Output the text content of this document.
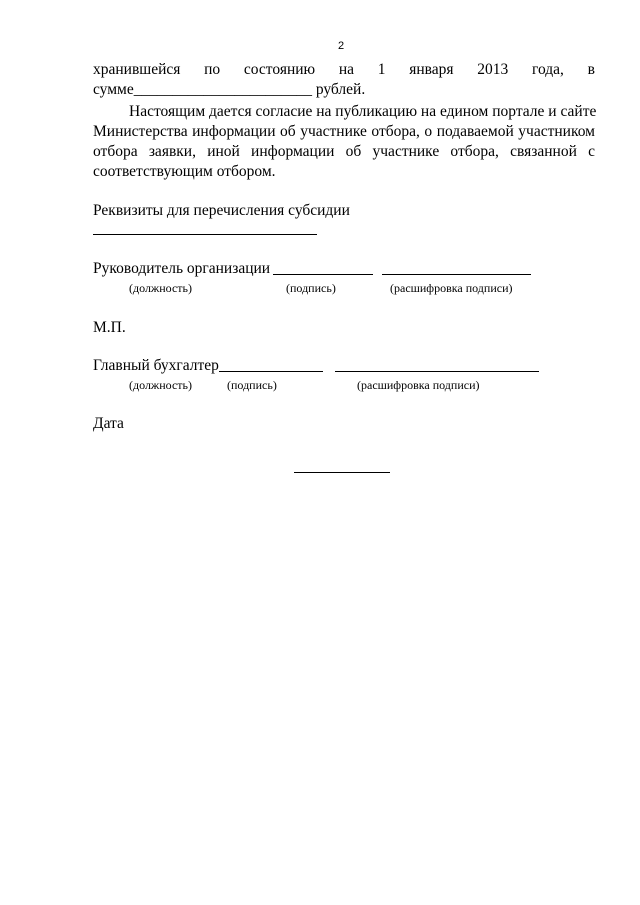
2
хранившейся по состоянию на 1 января 2013 года, в
сумме_______________________ рублей.
Настоящим дается согласие на публикацию на едином портале и сайте
Министерства информации об участнике отбора, о подаваемой участником
отбора заявки, иной информации об участнике отбора, связанной с
соответствующим отбором.
Реквизиты для перечисления субсидии
Руководитель организации
(должность)	(подпись)	(расшифровка подписи)
М.П.
Главный бухгалтер
(должность)	(подпись)	(расшифровка подписи)
Дата
